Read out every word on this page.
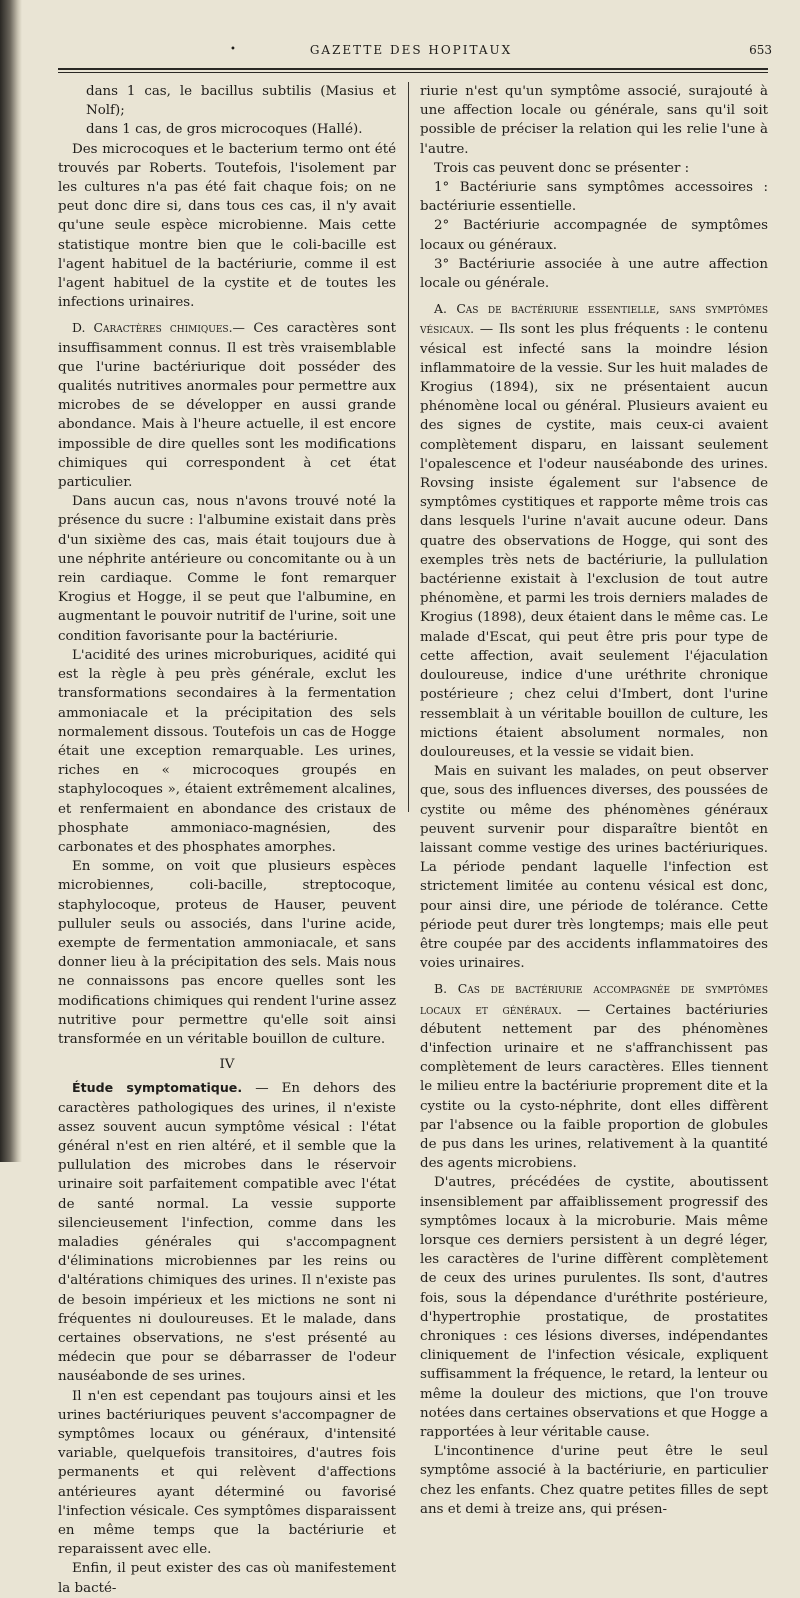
•	GAZETTE DES HOPITAUX	653

dans 1 cas, le bacillus subtilis (Masius et Nolf);

dans 1 cas, de gros microcoques (Hallé).

Des microcoques et le bacterium termo ont été trouvés par Roberts. Toutefois, l'isolement par les cultures n'a pas été fait chaque fois; on ne peut donc dire si, dans tous ces cas, il n'y avait qu'une seule espèce microbienne. Mais cette statistique montre bien que le coli-bacille est l'agent habituel de la bactériurie, comme il est l'agent habituel de la cystite et de toutes les infections urinaires.

D. Caractères chimiques.— Ces caractères sont insuffisamment connus. Il est très vraisemblable que l'urine bactériurique doit posséder des qualités nutritives anormales pour permettre aux microbes de se développer en aussi grande abondance. Mais à l'heure actuelle, il est encore impossible de dire quelles sont les modifications chimiques qui correspondent à cet état particulier.

Dans aucun cas, nous n'avons trouvé noté la présence du sucre : l'albumine existait dans près d'un sixième des cas, mais était toujours due à une néphrite antérieure ou concomitante ou à un rein cardiaque. Comme le font remarquer Krogius et Hogge, il se peut que l'albumine, en augmentant le pouvoir nutritif de l'urine, soit une condition favorisante pour la bactériurie.

L'acidité des urines microburiques, acidité qui est la règle à peu près générale, exclut les transformations secondaires à la fermentation ammoniacale et la précipitation des sels normalement dissous. Toutefois un cas de Hogge était une exception remarquable. Les urines, riches en « microcoques groupés en staphylocoques », étaient extrêmement alcalines, et renfermaient en abondance des cristaux de phosphate ammoniaco-magnésien, des carbonates et des phosphates amorphes.

En somme, on voit que plusieurs espèces microbiennes, coli-bacille, streptocoque, staphylocoque, proteus de Hauser, peuvent pulluler seuls ou associés, dans l'urine acide, exempte de fermentation ammoniacale, et sans donner lieu à la précipitation des sels. Mais nous ne connaissons pas encore quelles sont les modifications chimiques qui rendent l'urine assez nutritive pour permettre qu'elle soit ainsi transformée en un véritable bouillon de culture.

IV

Étude symptomatique. — En dehors des caractères pathologiques des urines, il n'existe assez souvent aucun symptôme vésical : l'état général n'est en rien altéré, et il semble que la pullulation des microbes dans le réservoir urinaire soit parfaitement compatible avec l'état de santé normal. La vessie supporte silencieusement l'infection, comme dans les maladies générales qui s'accompagnent d'éliminations microbiennes par les reins ou d'altérations chimiques des urines. Il n'existe pas de besoin impérieux et les mictions ne sont ni fréquentes ni douloureuses. Et le malade, dans certaines observations, ne s'est présenté au médecin que pour se débarrasser de l'odeur nauséabonde de ses urines.

Il n'en est cependant pas toujours ainsi et les urines bactériuriques peuvent s'accompagner de symptômes locaux ou généraux, d'intensité variable, quelquefois transitoires, d'autres fois permanents et qui relèvent d'affections antérieures ayant déterminé ou favorisé l'infection vésicale. Ces symptômes disparaissent en même temps que la bactériurie et reparaissent avec elle.

Enfin, il peut exister des cas où manifestement la bacté-

riurie n'est qu'un symptôme associé, surajouté à une affection locale ou générale, sans qu'il soit possible de préciser la relation qui les relie l'une à l'autre.

Trois cas peuvent donc se présenter :

1° Bactériurie sans symptômes accessoires : bactériurie essentielle.

2° Bactériurie accompagnée de symptômes locaux ou généraux.

3° Bactériurie associée à une autre affection locale ou générale.

A. Cas de bactériurie essentielle, sans symptômes vésicaux. — Ils sont les plus fréquents : le contenu vésical est infecté sans la moindre lésion inflammatoire de la vessie. Sur les huit malades de Krogius (1894), six ne présentaient aucun phénomène local ou général. Plusieurs avaient eu des signes de cystite, mais ceux-ci avaient complètement disparu, en laissant seulement l'opalescence et l'odeur nauséabonde des urines. Rovsing insiste également sur l'absence de symptômes cystitiques et rapporte même trois cas dans lesquels l'urine n'avait aucune odeur. Dans quatre des observations de Hogge, qui sont des exemples très nets de bactériurie, la pullulation bactérienne existait à l'exclusion de tout autre phénomène, et parmi les trois derniers malades de Krogius (1898), deux étaient dans le même cas. Le malade d'Escat, qui peut être pris pour type de cette affection, avait seulement l'éjaculation douloureuse, indice d'une uréthrite chronique postérieure ; chez celui d'Imbert, dont l'urine ressemblait à un véritable bouillon de culture, les mictions étaient absolument normales, non douloureuses, et la vessie se vidait bien.

Mais en suivant les malades, on peut observer que, sous des influences diverses, des poussées de cystite ou même des phénomènes généraux peuvent survenir pour disparaître bientôt en laissant comme vestige des urines bactériuriques. La période pendant laquelle l'infection est strictement limitée au contenu vésical est donc, pour ainsi dire, une période de tolérance. Cette période peut durer très longtemps; mais elle peut être coupée par des accidents inflammatoires des voies urinaires.

B. Cas de bactériurie accompagnée de symptômes locaux et généraux. — Certaines bactériuries débutent nettement par des phénomènes d'infection urinaire et ne s'affranchissent pas complètement de leurs caractères. Elles tiennent le milieu entre la bactériurie proprement dite et la cystite ou la cysto-néphrite, dont elles diffèrent par l'absence ou la faible proportion de globules de pus dans les urines, relativement à la quantité des agents microbiens.

D'autres, précédées de cystite, aboutissent insensiblement par affaiblissement progressif des symptômes locaux à la microburie. Mais même lorsque ces derniers persistent à un degré léger, les caractères de l'urine diffèrent complètement de ceux des urines purulentes. Ils sont, d'autres fois, sous la dépendance d'uréthrite postérieure, d'hypertrophie prostatique, de prostatites chroniques : ces lésions diverses, indépendantes cliniquement de l'infection vésicale, expliquent suffisamment la fréquence, le retard, la lenteur ou même la douleur des mictions, que l'on trouve notées dans certaines observations et que Hogge a rapportées à leur véritable cause.

L'incontinence d'urine peut être le seul symptôme associé à la bactériurie, en particulier chez les enfants. Chez quatre petites filles de sept ans et demi à treize ans, qui présen-
